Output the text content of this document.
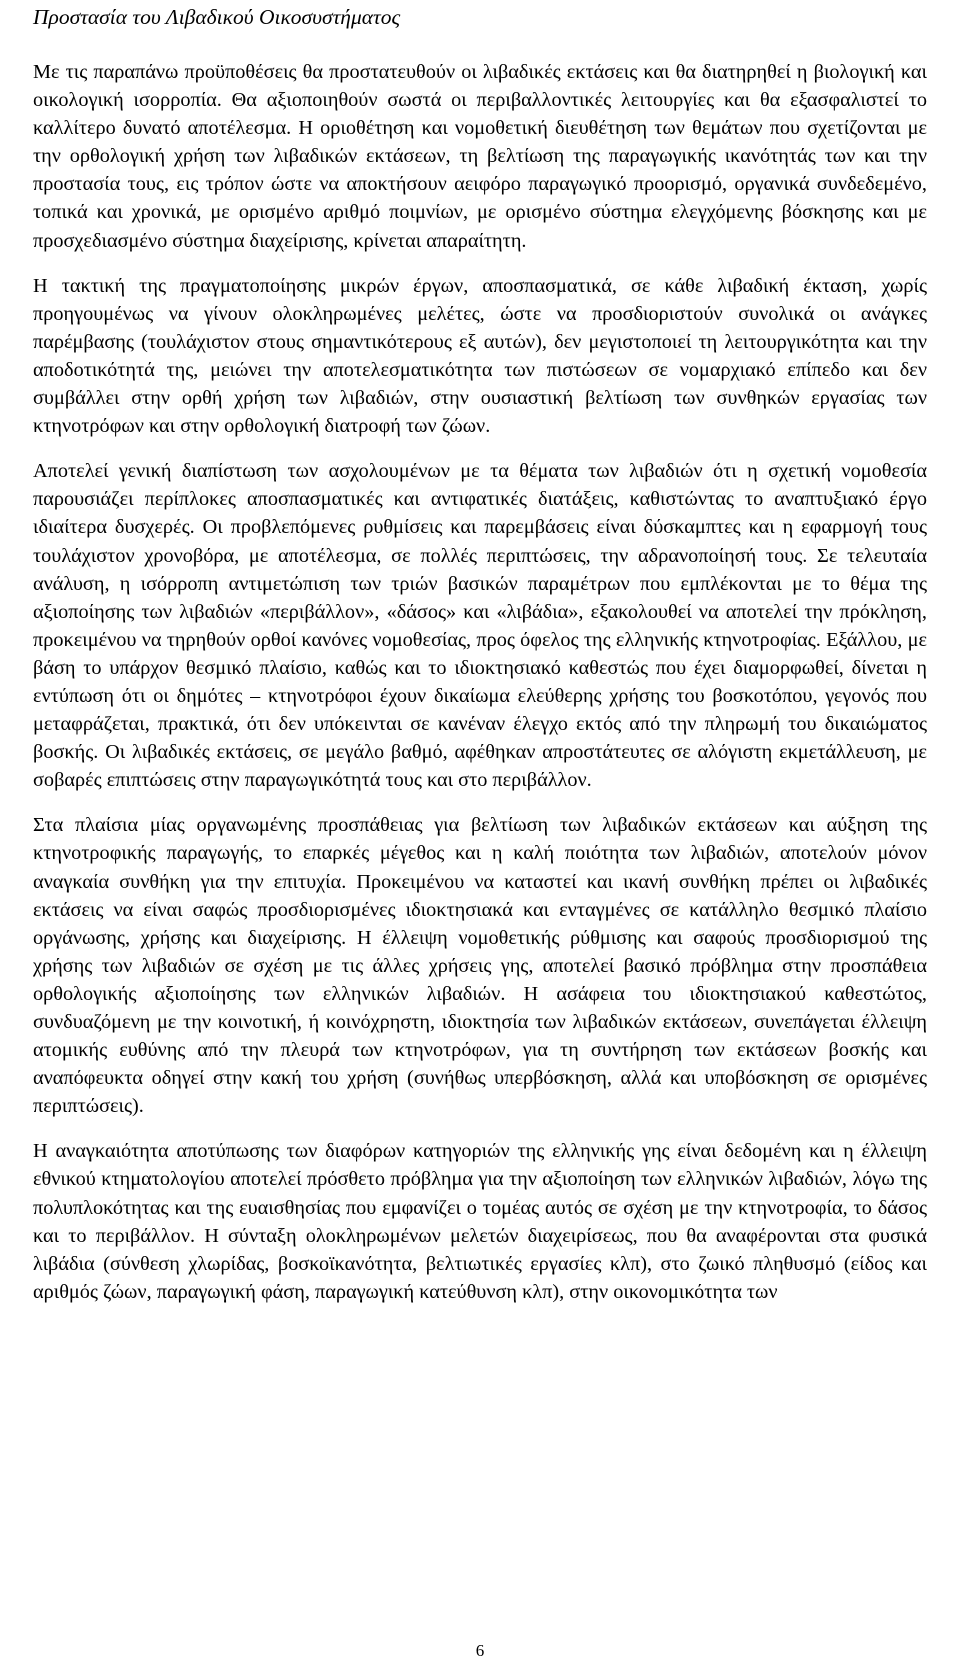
Προστασία του Λιβαδικού Οικοσυστήματος

Με τις παραπάνω προϋποθέσεις θα προστατευθούν οι λιβαδικές εκτάσεις και θα διατηρηθεί η βιολογική και οικολογική ισορροπία. Θα αξιοποιηθούν σωστά οι περιβαλλοντικές λειτουργίες και θα εξασφαλιστεί το καλλίτερο δυνατό αποτέλεσμα. Η οριοθέτηση και νομοθετική διευθέτηση των θεμάτων που σχετίζονται με την ορθολογική χρήση των λιβαδικών εκτάσεων, τη βελτίωση της παραγωγικής ικανότητάς των και την προστασία τους, εις τρόπον ώστε να αποκτήσουν αειφόρο παραγωγικό προορισμό, οργανικά συνδεδεμένο, τοπικά και χρονικά, με ορισμένο αριθμό ποιμνίων, με ορισμένο σύστημα ελεγχόμενης βόσκησης και με προσχεδιασμένο σύστημα διαχείρισης, κρίνεται απαραίτητη.

Η τακτική της πραγματοποίησης μικρών έργων, αποσπασματικά, σε κάθε λιβαδική έκταση, χωρίς προηγουμένως να γίνουν ολοκληρωμένες μελέτες, ώστε να προσδιοριστούν συνολικά οι ανάγκες παρέμβασης (τουλάχιστον στους σημαντικότερους εξ αυτών), δεν μεγιστοποιεί τη λειτουργικότητα και την αποδοτικότητά της, μειώνει την αποτελεσματικότητα των πιστώσεων σε νομαρχιακό επίπεδο και δεν συμβάλλει στην ορθή χρήση των λιβαδιών, στην ουσιαστική βελτίωση των συνθηκών εργασίας των κτηνοτρόφων και στην ορθολογική διατροφή των ζώων.

Αποτελεί γενική διαπίστωση των ασχολουμένων με τα θέματα των λιβαδιών ότι η σχετική νομοθεσία παρουσιάζει περίπλοκες αποσπασματικές και αντιφατικές διατάξεις, καθιστώντας το αναπτυξιακό έργο ιδιαίτερα δυσχερές. Οι προβλεπόμενες ρυθμίσεις και παρεμβάσεις είναι δύσκαμπτες και η εφαρμογή τους τουλάχιστον χρονοβόρα, με αποτέλεσμα, σε πολλές περιπτώσεις, την αδρανοποίησή τους. Σε τελευταία ανάλυση, η ισόρροπη αντιμετώπιση των τριών βασικών παραμέτρων που εμπλέκονται με το θέμα της αξιοποίησης των λιβαδιών «περιβάλλον», «δάσος» και «λιβάδια», εξακολουθεί να αποτελεί την πρόκληση, προκειμένου να τηρηθούν ορθοί κανόνες νομοθεσίας, προς όφελος της ελληνικής κτηνοτροφίας. Εξάλλου, με βάση το υπάρχον θεσμικό πλαίσιο, καθώς και το ιδιοκτησιακό καθεστώς που έχει διαμορφωθεί, δίνεται η εντύπωση ότι οι δημότες – κτηνοτρόφοι έχουν δικαίωμα ελεύθερης χρήσης του βοσκοτόπου, γεγονός που μεταφράζεται, πρακτικά, ότι δεν υπόκεινται σε κανέναν έλεγχο εκτός από την πληρωμή του δικαιώματος βοσκής. Οι λιβαδικές εκτάσεις, σε μεγάλο βαθμό, αφέθηκαν απροστάτευτες σε αλόγιστη εκμετάλλευση, με σοβαρές επιπτώσεις στην παραγωγικότητά τους και στο περιβάλλον.

Στα πλαίσια μίας οργανωμένης προσπάθειας για βελτίωση των λιβαδικών εκτάσεων και αύξηση της κτηνοτροφικής παραγωγής, το επαρκές μέγεθος και η καλή ποιότητα των λιβαδιών, αποτελούν μόνον αναγκαία συνθήκη για την επιτυχία. Προκειμένου να καταστεί και ικανή συνθήκη πρέπει οι λιβαδικές εκτάσεις να είναι σαφώς προσδιορισμένες ιδιοκτησιακά και ενταγμένες σε κατάλληλο θεσμικό πλαίσιο οργάνωσης, χρήσης και διαχείρισης. Η έλλειψη νομοθετικής ρύθμισης και σαφούς προσδιορισμού της χρήσης των λιβαδιών σε σχέση με τις άλλες χρήσεις γης, αποτελεί βασικό πρόβλημα στην προσπάθεια ορθολογικής αξιοποίησης των ελληνικών λιβαδιών. Η ασάφεια του ιδιοκτησιακού καθεστώτος, συνδυαζόμενη με την κοινοτική, ή κοινόχρηστη, ιδιοκτησία των λιβαδικών εκτάσεων, συνεπάγεται έλλειψη ατομικής ευθύνης από την πλευρά των κτηνοτρόφων, για τη συντήρηση των εκτάσεων βοσκής και αναπόφευκτα οδηγεί στην κακή του χρήση (συνήθως υπερβόσκηση, αλλά και υποβόσκηση σε ορισμένες περιπτώσεις).

Η αναγκαιότητα αποτύπωσης των διαφόρων κατηγοριών της ελληνικής γης είναι δεδομένη και η έλλειψη εθνικού κτηματολογίου αποτελεί πρόσθετο πρόβλημα για την αξιοποίηση των ελληνικών λιβαδιών, λόγω της πολυπλοκότητας και της ευαισθησίας που εμφανίζει ο τομέας αυτός σε σχέση με την κτηνοτροφία, το δάσος και το περιβάλλον. Η σύνταξη ολοκληρωμένων μελετών διαχειρίσεως, που θα αναφέρονται στα φυσικά λιβάδια (σύνθεση χλωρίδας, βοσκοϊκανότητα, βελτιωτικές εργασίες κλπ), στο ζωικό πληθυσμό (είδος και αριθμός ζώων, παραγωγική φάση, παραγωγική κατεύθυνση κλπ), στην οικονομικότητα των

6
